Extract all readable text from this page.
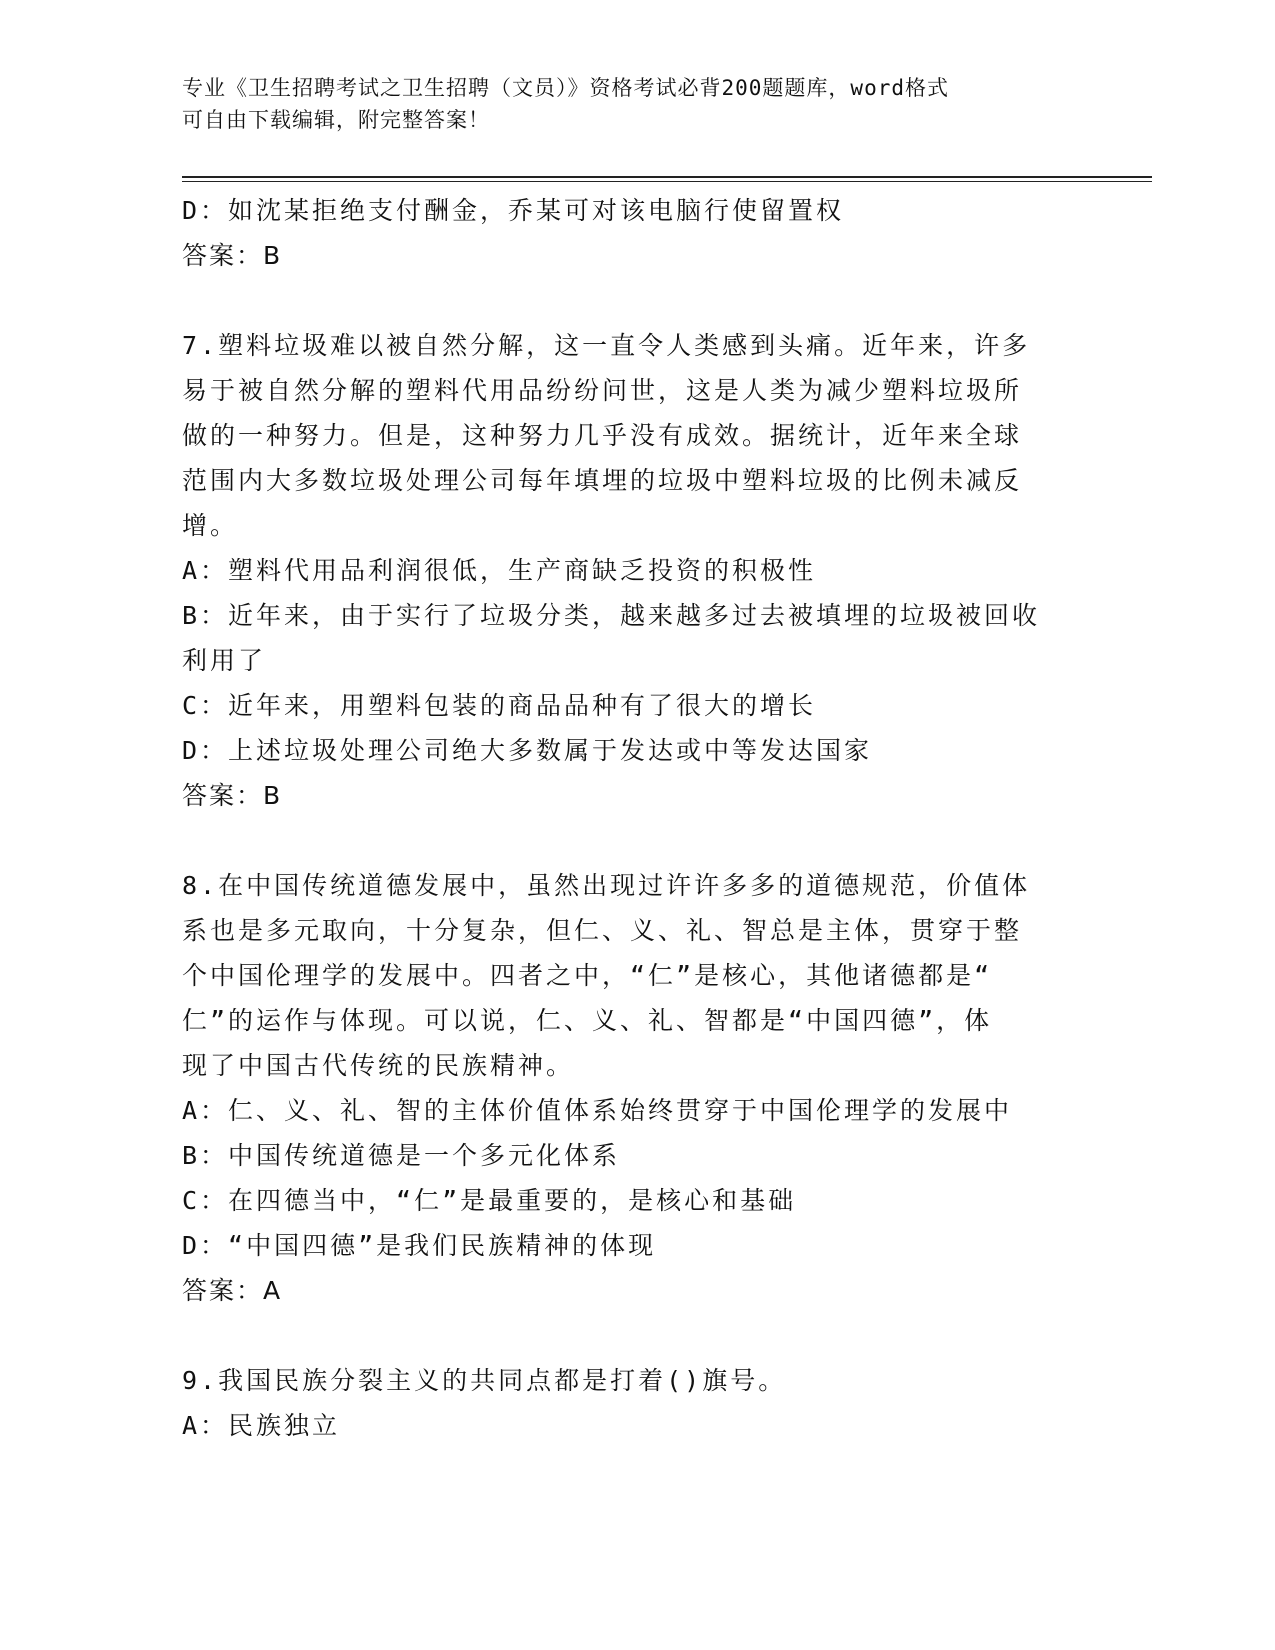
专业《卫生招聘考试之卫生招聘（文员）》资格考试必背200题题库，word格式
可自由下载编辑，附完整答案！
D：如沈某拒绝支付酬金，乔某可对该电脑行使留置权
答案：B
7.塑料垃圾难以被自然分解，这一直令人类感到头痛。近年来，许多
易于被自然分解的塑料代用品纷纷问世，这是人类为减少塑料垃圾所
做的一种努力。但是，这种努力几乎没有成效。据统计，近年来全球
范围内大多数垃圾处理公司每年填埋的垃圾中塑料垃圾的比例未减反
增。
A：塑料代用品利润很低，生产商缺乏投资的积极性
B：近年来，由于实行了垃圾分类，越来越多过去被填埋的垃圾被回收
利用了
C：近年来，用塑料包装的商品品种有了很大的增长
D：上述垃圾处理公司绝大多数属于发达或中等发达国家
答案：B
8.在中国传统道德发展中，虽然出现过许许多多的道德规范，价值体
系也是多元取向，十分复杂，但仁、义、礼、智总是主体，贯穿于整
个中国伦理学的发展中。四者之中，“仁”是核心，其他诸德都是“
仁”的运作与体现。可以说，仁、义、礼、智都是“中国四德”，体
现了中国古代传统的民族精神。
A：仁、义、礼、智的主体价值体系始终贯穿于中国伦理学的发展中
B：中国传统道德是一个多元化体系
C：在四德当中，“仁”是最重要的，是核心和基础
D：“中国四德”是我们民族精神的体现
答案：A
9.我国民族分裂主义的共同点都是打着()旗号。
A：民族独立
